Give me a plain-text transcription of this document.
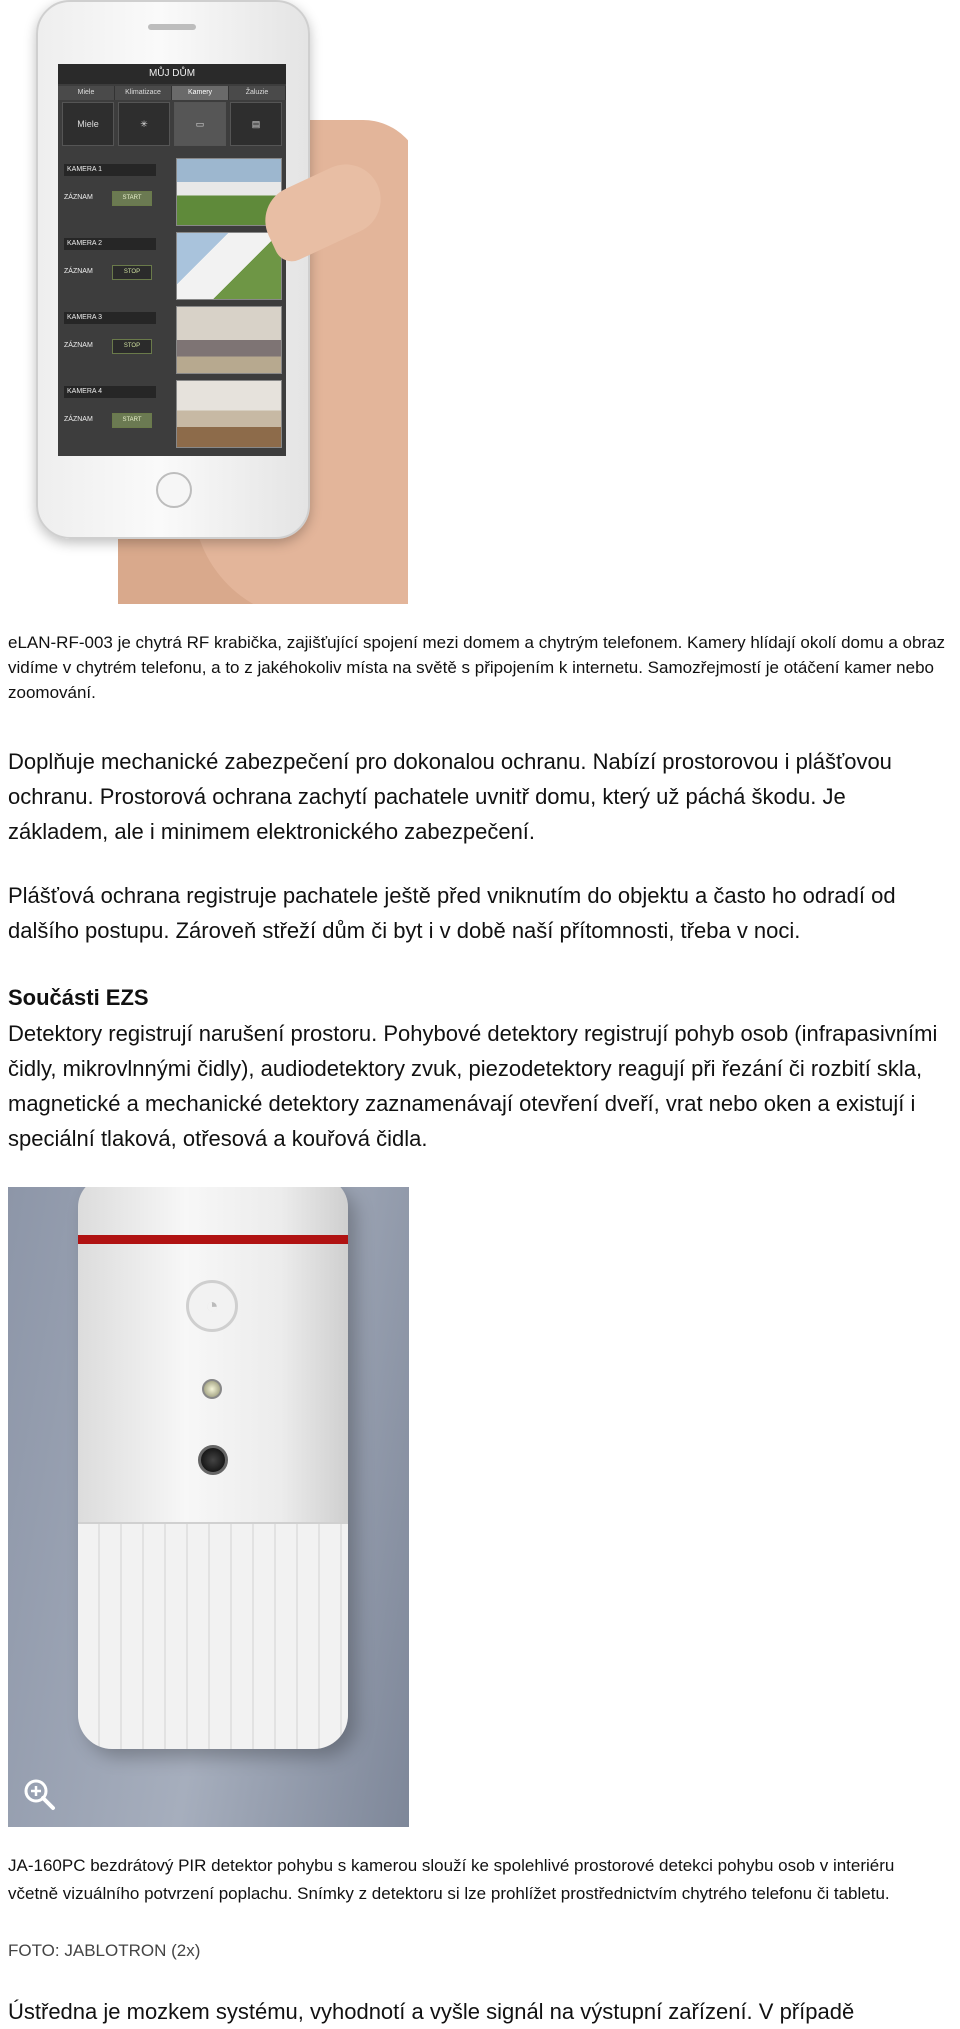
MŮJ DŮM
Miele	Klimatizace	Kamery	Žaluzie
Miele	✳	▭	▤
KAMERA 1
ZÁZNAM	START
KAMERA 2
ZÁZNAM	STOP
KAMERA 3
ZÁZNAM	STOP
KAMERA 4
ZÁZNAM	START

eLAN-RF-003 je chytrá RF krabička, zajišťující spojení mezi domem a chytrým telefonem. Kamery hlídají okolí domu a obraz vidíme v chytrém telefonu, a to z jakéhokoliv místa na světě s připojením k internetu. Samozřejmostí je otáčení kamer nebo zoomování.

Doplňuje mechanické zabezpečení pro dokonalou ochranu. Nabízí prostorovou i plášťovou ochranu. Prostorová ochrana zachytí pachatele uvnitř domu, který už páchá škodu. Je základem, ale i minimem elektronického zabezpečení.

Plášťová ochrana registruje pachatele ještě před vniknutím do objektu a často ho odradí od dalšího postupu. Zároveň střeží dům či byt i v době naší přítomnosti, třeba v noci.

Součásti EZS

Detektory registrují narušení prostoru. Pohybové detektory registrují pohyb osob (infrapasivními čidly, mikrovlnnými čidly), audiodetektory zvuk, piezodetektory reagují při řezání či rozbití skla, magnetické a mechanické detektory zaznamenávají otevření dveří, vrat nebo oken a existují i speciální tlaková, otřesová a kouřová čidla.

◔

JA-160PC bezdrátový PIR detektor pohybu s kamerou slouží ke spolehlivé prostorové detekci pohybu osob v interiéru včetně vizuálního potvrzení poplachu. Snímky z detektoru si lze prohlížet prostřednictvím chytrého telefonu či tabletu.

FOTO: JABLOTRON (2x)

Ústředna je mozkem systému, vyhodnotí a vyšle signál na výstupní zařízení. V případě
